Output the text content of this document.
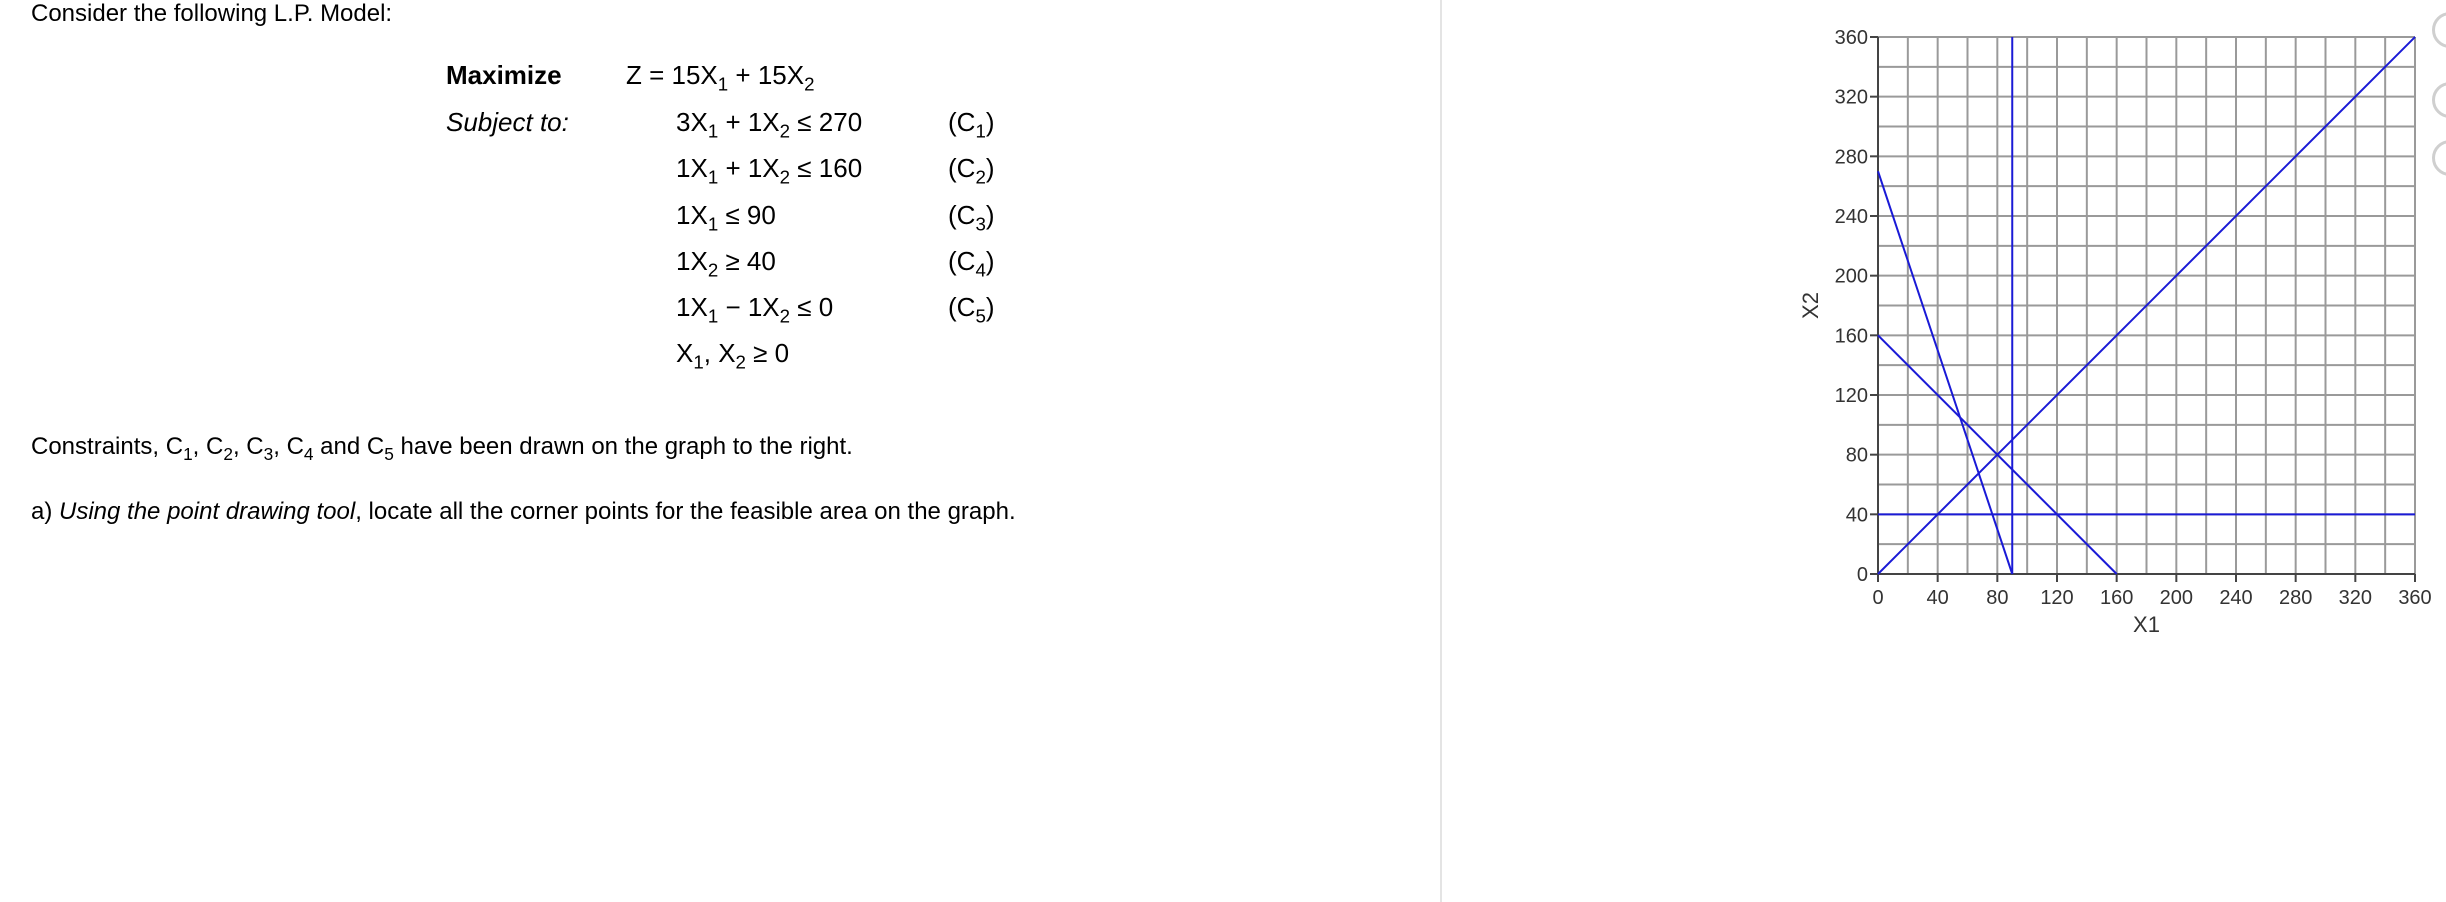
Consider the following L.P. Model:
Maximize $Z = 15X_1 + 15X_2$
Subject to:	$3X_1 + 1X_2 \le 270$	$(C_1)$
$1X_1 + 1X_2 \le 160$	$(C_2)$
$1X_1 \le 90$	$(C_3)$
$1X_2 \ge 40$	$(C_4)$
$1X_1 - 1X_2 \le 0$	$(C_5)$
$X_1$, $X_2 \ge 0$
Constraints, $C_1$, $C_2$, $C_3$, $C_4$ and $C_5$ have been drawn on the graph to the right.
a) Using the point drawing tool, locate all the corner points for the feasible area on the graph.
0 40 80 120 160 200 240 280 320 360
0
40
80
120
160
200
240
280
320
360
X1
X2
